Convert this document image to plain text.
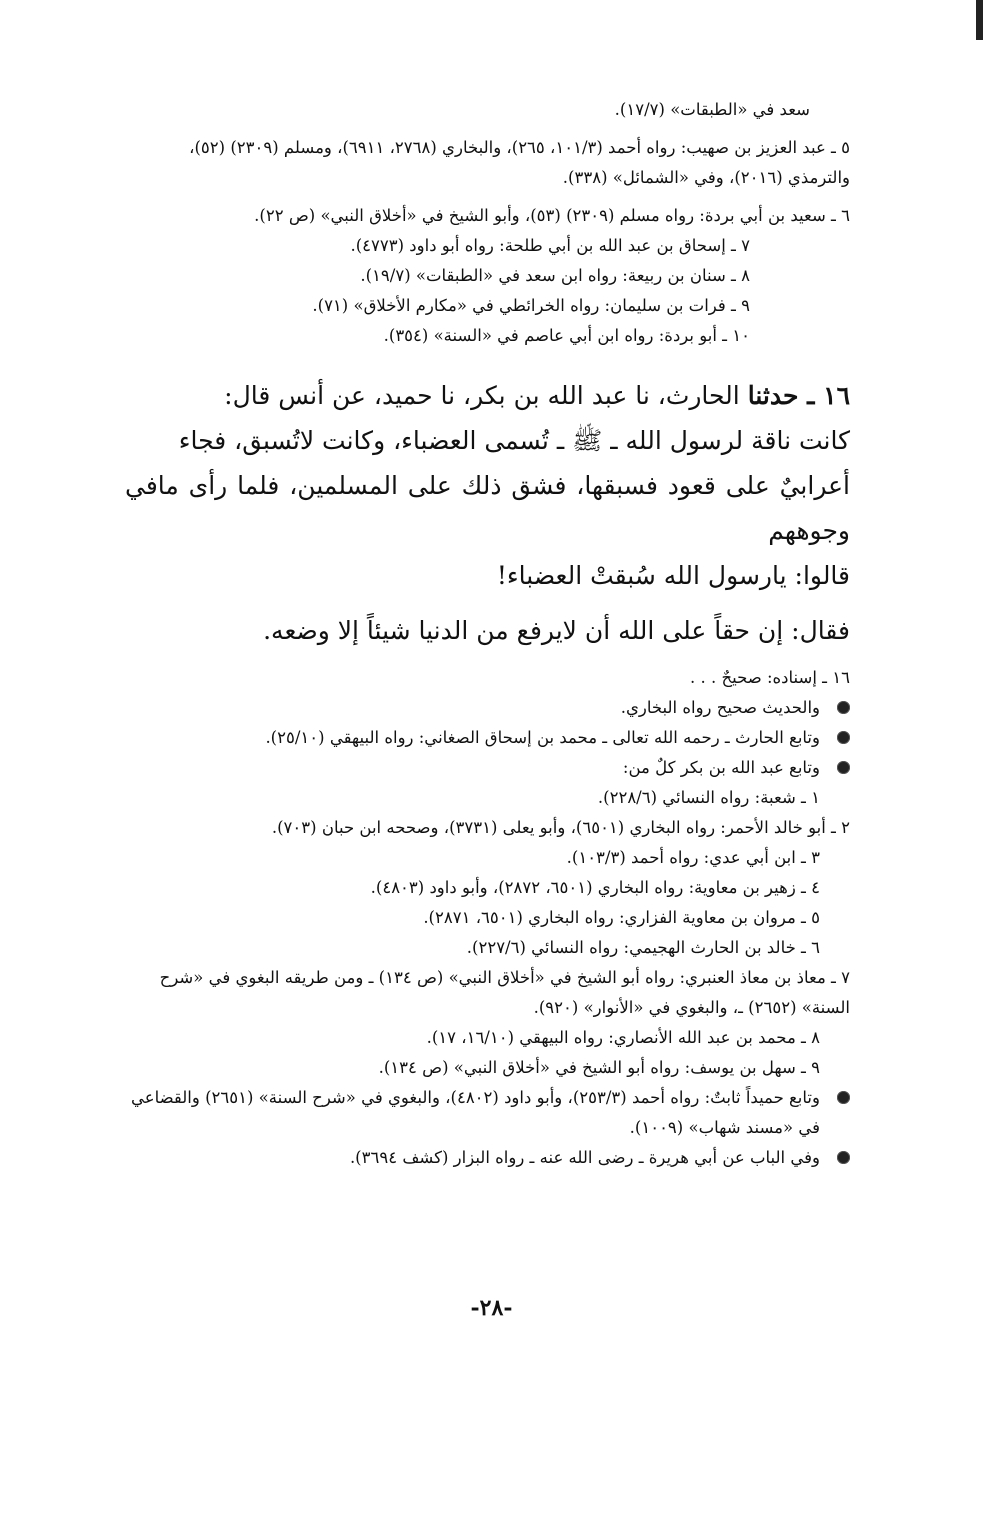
سعد في «الطبقات» (١٧/٧).

٥ ـ عبد العزيز بن صهيب: رواه أحمد (١٠١/٣، ٢٦٥)، والبخاري (٢٧٦٨، ٦٩١١)، ومسلم (٢٣٠٩) (٥٢)، والترمذي (٢٠١٦)، وفي «الشمائل» (٣٣٨).

٦ ـ سعيد بن أبي بردة: رواه مسلم (٢٣٠٩) (٥٣)، وأبو الشيخ في «أخلاق النبي» (ص ٢٢).

٧ ـ إسحاق بن عبد الله بن أبي طلحة: رواه أبو داود (٤٧٧٣).

٨ ـ سنان بن ربيعة: رواه ابن سعد في «الطبقات» (١٩/٧).

٩ ـ فرات بن سليمان: رواه الخرائطي في «مكارم الأخلاق» (٧١).

١٠ ـ أبو بردة: رواه ابن أبي عاصم في «السنة» (٣٥٤).

١٦ ـ حدثنا الحارث، نا عبد الله بن بكر، نا حميد، عن أنس قال:
كانت ناقة لرسول الله ـ ﷺ ـ تُسمى العضباء، وكانت لاتُسبق، فجاء
أعرابيٌ على قعود فسبقها، فشق ذلك على المسلمين، فلما رأى مافي وجوههم
قالوا: يارسول الله سُبقتْ العضباء!
فقال: إن حقاً على الله أن لايرفع من الدنيا شيئاً إلا وضعه.

١٦ ـ إسناده: صحيحٌ . . .

والحديث صحيح رواه البخاري.

وتابع الحارث ـ رحمه الله تعالى ـ محمد بن إسحاق الصغاني: رواه البيهقي (٢٥/١٠).

وتابع عبد الله بن بكر كلٌ من:

١ ـ شعبة: رواه النسائي (٢٢٨/٦).

٢ ـ أبو خالد الأحمر: رواه البخاري (٦٥٠١)، وأبو يعلى (٣٧٣١)، وصححه ابن حبان (٧٠٣).

٣ ـ ابن أبي عدي: رواه أحمد (١٠٣/٣).

٤ ـ زهير بن معاوية: رواه البخاري (٦٥٠١، ٢٨٧٢)، وأبو داود (٤٨٠٣).

٥ ـ مروان بن معاوية الفزاري: رواه البخاري (٦٥٠١، ٢٨٧١).

٦ ـ خالد بن الحارث الهجيمي: رواه النسائي (٢٢٧/٦).

٧ ـ معاذ بن معاذ العنبري: رواه أبو الشيخ في «أخلاق النبي» (ص ١٣٤) ـ ومن طريقه البغوي في «شرح السنة» (٢٦٥٢) ـ، والبغوي في «الأنوار» (٩٢٠).

٨ ـ محمد بن عبد الله الأنصاري: رواه البيهقي (١٦/١٠، ١٧).

٩ ـ سهل بن يوسف: رواه أبو الشيخ في «أخلاق النبي» (ص ١٣٤).

وتابع حميداً ثابتٌ: رواه أحمد (٢٥٣/٣)، وأبو داود (٤٨٠٢)، والبغوي في «شرح السنة» (٢٦٥١) والقضاعي في «مسند شهاب» (١٠٠٩).

وفي الباب عن أبي هريرة ـ رضى الله عنه ـ رواه البزار (كشف ٣٦٩٤).

-٢٨-
